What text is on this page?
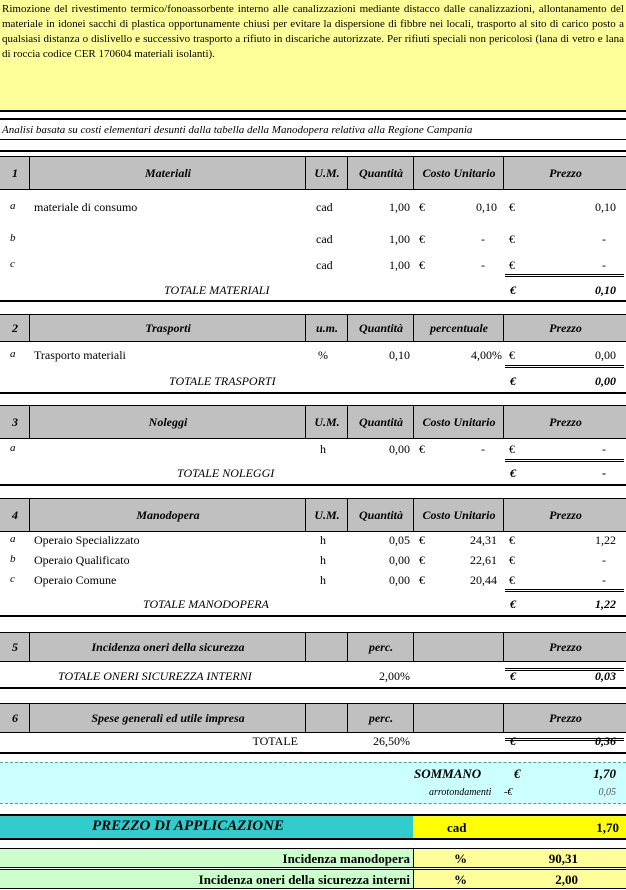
Rimozione del rivestimento termico/fonoassorbente interno alle canalizzazioni mediante distacco dalle canalizzazioni, allontanamento del materiale in idonei sacchi di plastica opportunamente chiusi per evitare la dispersione di fibbre nei locali, trasporto al sito di carico posto a qualsiasi distanza o dislivello e successivo trasporto a rifiuto in discariche autorizzate. Per rifiuti speciali non pericolosi (lana di vetro e lana di roccia codice CER 170604 materiali isolanti).
Analisi basata su costi elementari desunti dalla tabella della Manodopera relativa alla Regione Campania
1	Materiali	U.M.	Quantità	Costo Unitario	Prezzo
a materiale di consumo	cad	1,00 €	0,10 €	0,10
b	cad	1,00 €	- €	-
c	cad	1,00 €	- €	-
TOTALE MATERIALI	€	0,10
2	Trasporti	u.m.	Quantità	percentuale	Prezzo
a Trasporto materiali	%	0,10	4,00% €	0,00
TOTALE TRASPORTI	€	0,00
3	Noleggi	U.M.	Quantità	Costo Unitario	Prezzo
a	h	0,00 €	- €	-
TOTALE NOLEGGI	€	-
4	Manodopera	U.M.	Quantità	Costo Unitario	Prezzo
a Operaio Specializzato	h	0,05 €	24,31 €	1,22
b Operaio Qualificato	h	0,00 €	22,61 €	-
c Operaio Comune	h	0,00 €	20,44 €	-
TOTALE MANODOPERA	€	1,22
5	Incidenza oneri della sicurezza	perc.	Prezzo
TOTALE ONERI SICUREZZA INTERNI	2,00%	€	0,03
6	Spese generali ed utile impresa	perc.	Prezzo
TOTALE	26,50%	€	0,36
SOMMANO	€	1,70
arrotondamenti -€	0,05
PREZZO DI APPLICAZIONE	cad	1,70
Incidenza manodopera	%	90,31
Incidenza oneri della sicurezza interni	%	2,00
